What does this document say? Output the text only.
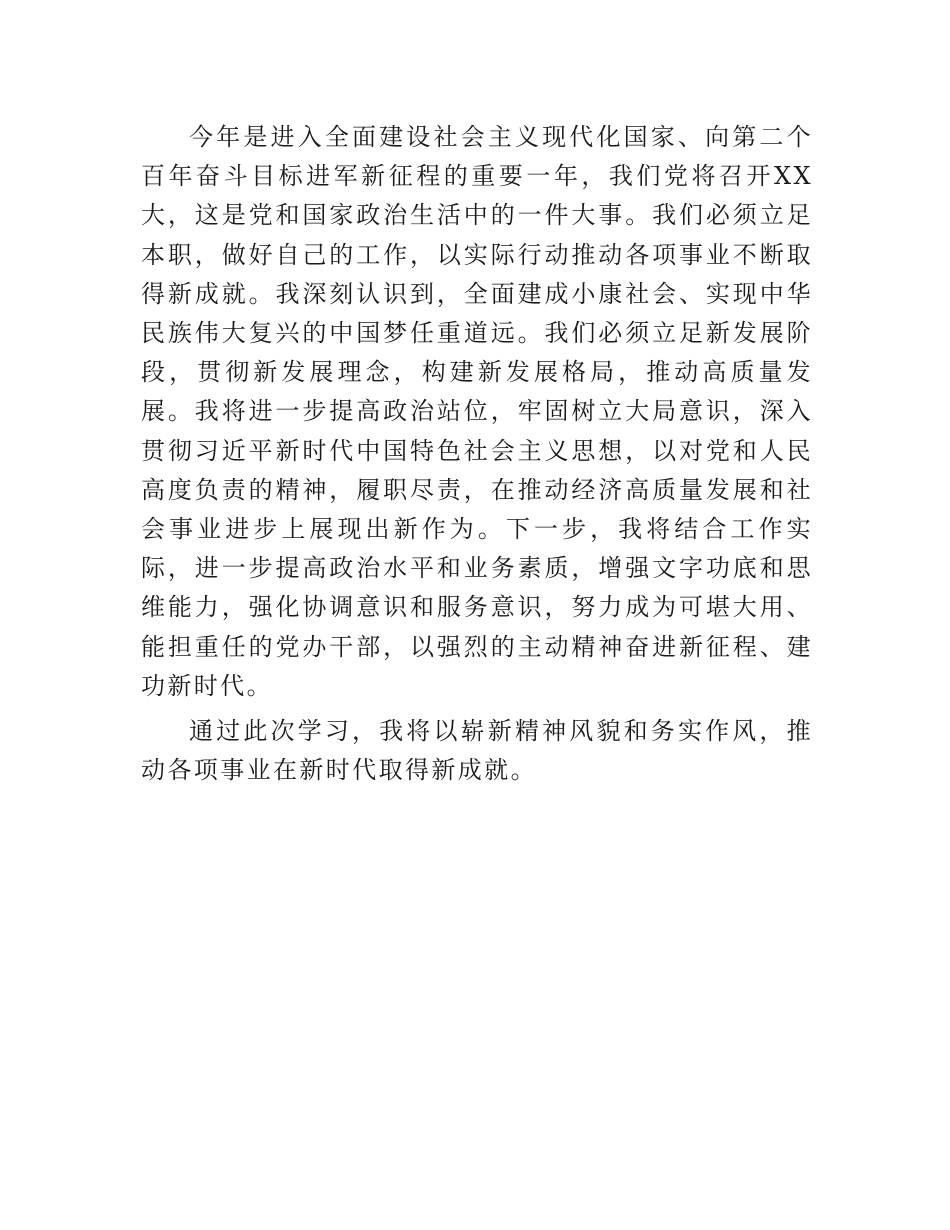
今年是进入全面建设社会主义现代化国家、向第二个百年奋斗目标进军新征程的重要一年，我们党将召开XX大，这是党和国家政治生活中的一件大事。我们必须立足本职，做好自己的工作，以实际行动推动各项事业不断取得新成就。我深刻认识到，全面建成小康社会、实现中华民族伟大复兴的中国梦任重道远。我们必须立足新发展阶段，贯彻新发展理念，构建新发展格局，推动高质量发展。我将进一步提高政治站位，牢固树立大局意识，深入贯彻习近平新时代中国特色社会主义思想，以对党和人民高度负责的精神，履职尽责，在推动经济高质量发展和社会事业进步上展现出新作为。下一步，我将结合工作实际，进一步提高政治水平和业务素质，增强文字功底和思维能力，强化协调意识和服务意识，努力成为可堪大用、能担重任的党办干部，以强烈的主动精神奋进新征程、建功新时代。

通过此次学习，我将以崭新精神风貌和务实作风，推动各项事业在新时代取得新成就。
